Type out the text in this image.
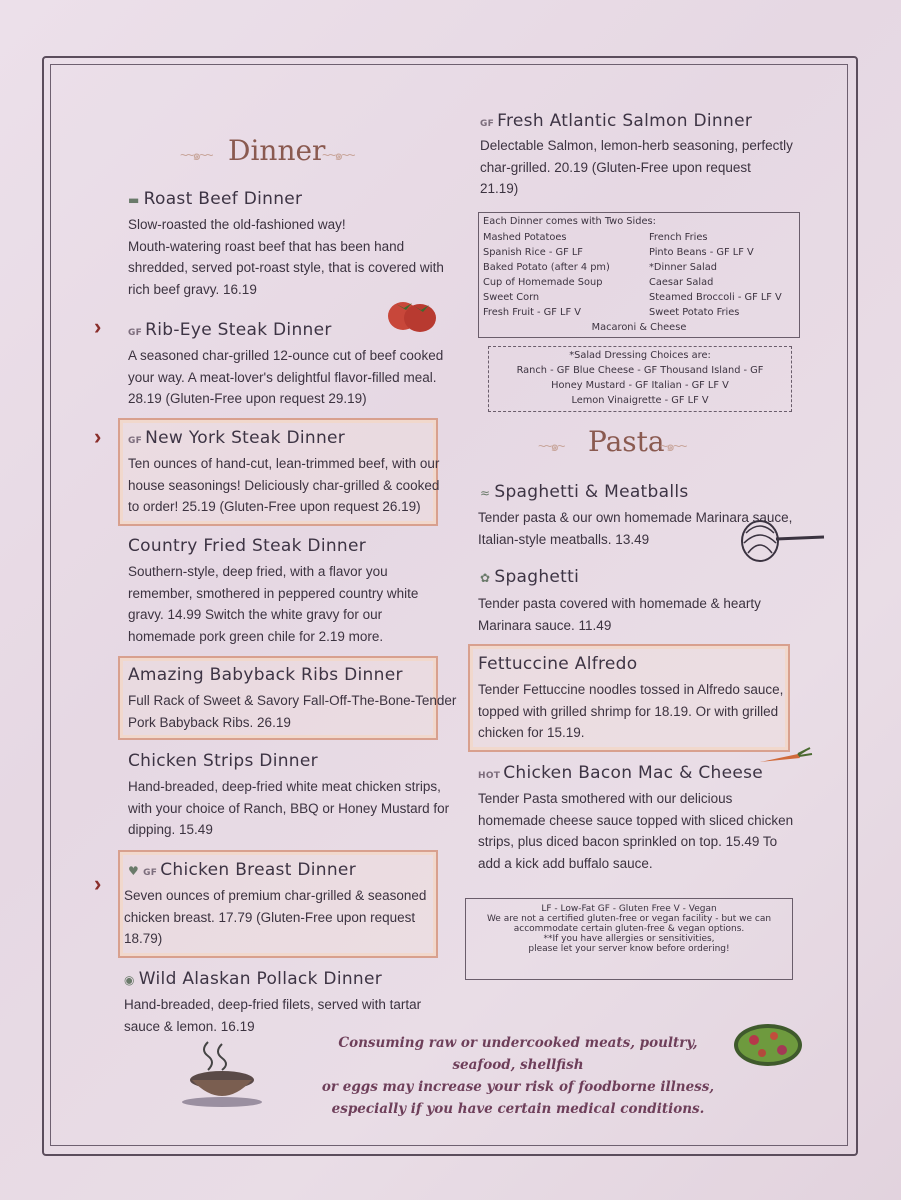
~~๑~~ Dinner
~~๑~~
›
›
›
▬ Roast Beef Dinner
Slow-roasted the old-fashioned way!
Mouth-watering roast beef that has been hand
shredded, served pot-roast style, that is covered with
rich beef gravy. 16.19
GF Rib-Eye Steak Dinner
A seasoned char-grilled 12-ounce cut of beef cooked
your way. A meat-lover's delightful flavor-filled meal.
28.19 (Gluten-Free upon request 29.19)
GF New York Steak Dinner
Ten ounces of hand-cut, lean-trimmed beef, with our
house seasonings! Deliciously char-grilled & cooked
to order! 25.19 (Gluten-Free upon request 26.19)
Country Fried Steak Dinner
Southern-style, deep fried, with a flavor you
remember, smothered in peppered country white
gravy. 14.99 Switch the white gravy for our
homemade pork green chile for 2.19 more.
Amazing Babyback Ribs Dinner
Full Rack of Sweet & Savory Fall-Off-The-Bone-Tender
Pork Babyback Ribs. 26.19
Chicken Strips Dinner
Hand-breaded, deep-fried white meat chicken strips,
with your choice of Ranch, BBQ or Honey Mustard for
dipping. 15.49
♥ GF Chicken Breast Dinner
Seven ounces of premium char-grilled & seasoned
chicken breast. 17.79 (Gluten-Free upon request
18.79)
◉ Wild Alaskan Pollack Dinner
Hand-breaded, deep-fried filets, served with tartar
sauce & lemon. 16.19
GF Fresh Atlantic Salmon Dinner
Delectable Salmon, lemon-herb seasoning, perfectly
char-grilled. 20.19 (Gluten-Free upon request
21.19)
Each Dinner comes with Two Sides:
Mashed Potatoes
Spanish Rice - GF LF
Baked Potato (after 4 pm)
Cup of Homemade Soup
Sweet Corn
Fresh Fruit - GF LF V
French Fries
Pinto Beans - GF LF V
*Dinner Salad
Caesar Salad
Steamed Broccoli - GF LF V
Sweet Potato Fries
Macaroni & Cheese
*Salad Dressing Choices are:
Ranch - GF Blue Cheese - GF Thousand Island - GF
Honey Mustard - GF Italian - GF LF V
Lemon Vinaigrette - GF LF V
~~๑~ Pasta
~๑~~
≈ Spaghetti & Meatballs
Tender pasta & our own homemade Marinara sauce,
Italian-style meatballs. 13.49
✿ Spaghetti
Tender pasta covered with homemade & hearty
Marinara sauce. 11.49
Fettuccine Alfredo
Tender Fettuccine noodles tossed in Alfredo sauce,
topped with grilled shrimp for 18.19. Or with grilled
chicken for 15.19.
HOT Chicken Bacon Mac & Cheese
Tender Pasta smothered with our delicious
homemade cheese sauce topped with sliced chicken
strips, plus diced bacon sprinkled on top. 15.49 To
add a kick add buffalo sauce.
LF - Low-Fat GF - Gluten Free V - Vegan
We are not a certified gluten-free or vegan facility - but we can
accommodate certain gluten-free & vegan options.
**If you have allergies or sensitivities,
please let your server know before ordering!
Consuming raw or undercooked meats, poultry, seafood, shellfish
or eggs may increase your risk of foodborne illness,
especially if you have certain medical conditions.
